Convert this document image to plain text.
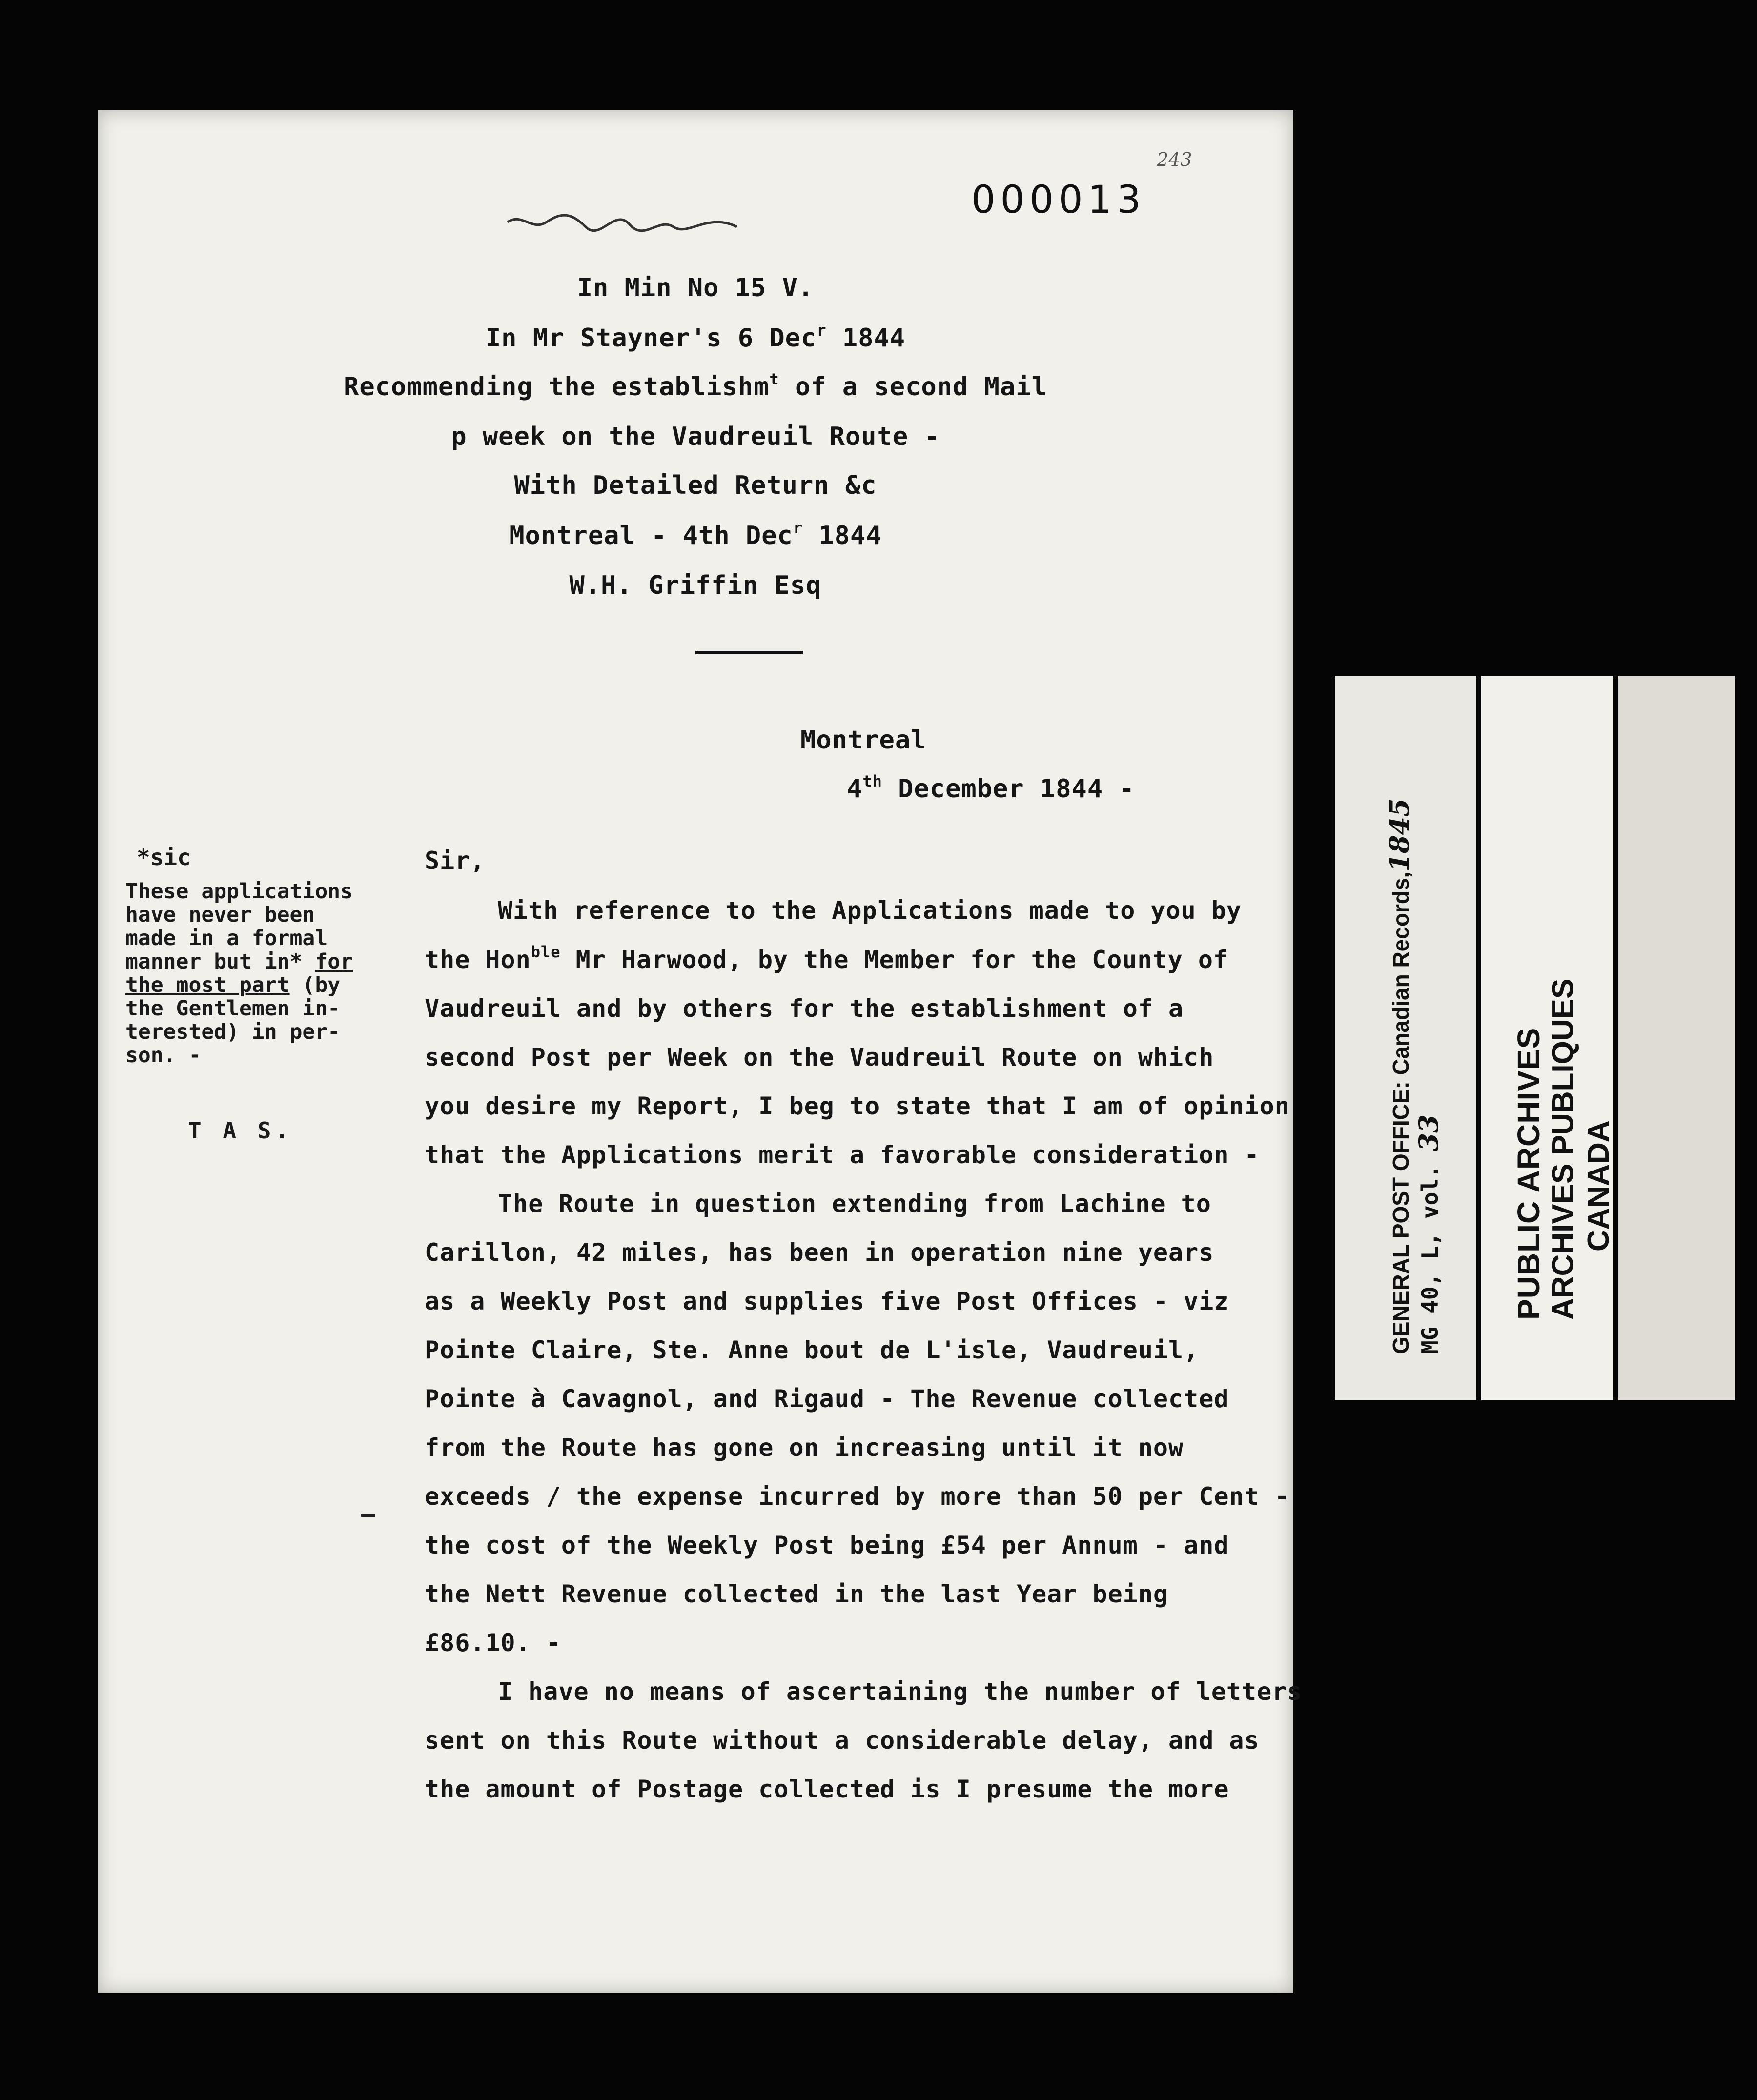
243
000013
In Min No 15 V.
In Mr Stayner's 6 Dec$^r$ 1844
Recommending the establishm$^t$ of a second Mail
p week on the Vaudreuil Route -
With Detailed Return &c
Montreal - 4th Dec$^r$ 1844
W.H. Griffin Esq
Montreal
4th December 1844 -
*sic
These applications
have never been
made in a formal
manner but in* for
the most part (by
the Gentlemen in-
terested) in per-
son. -
T A S.
Sir,
With reference to the Applications made to you by
the Hon$^{ble}$ Mr Harwood, by the Member for the County of
Vaudreuil and by others for the establishment of a
second Post per Week on the Vaudreuil Route on which
you desire my Report, I beg to state that I am of opinion
that the Applications merit a favorable consideration -
The Route in question extending from Lachine to
Carillon, 42 miles, has been in operation nine years
as a Weekly Post and supplies five Post Offices - viz
Pointe Claire, Ste. Anne bout de L'isle, Vaudreuil,
Pointe à Cavagnol, and Rigaud - The Revenue collected
from the Route has gone on increasing until it now
exceeds / the expense incurred by more than 50 per Cent -
the cost of the Weekly Post being £54 per Annum - and
the Nett Revenue collected in the last Year being
£86.10. -
I have no means of ascertaining the number of letters
sent on this Route without a considerable delay, and as
the amount of Postage collected is I presume the more
GENERAL POST OFFICE: Canadian Records,1845
MG 40, L, vol. 33 PUBLIC ARCHIVES ARCHIVES PUBLIQUES CANADA
